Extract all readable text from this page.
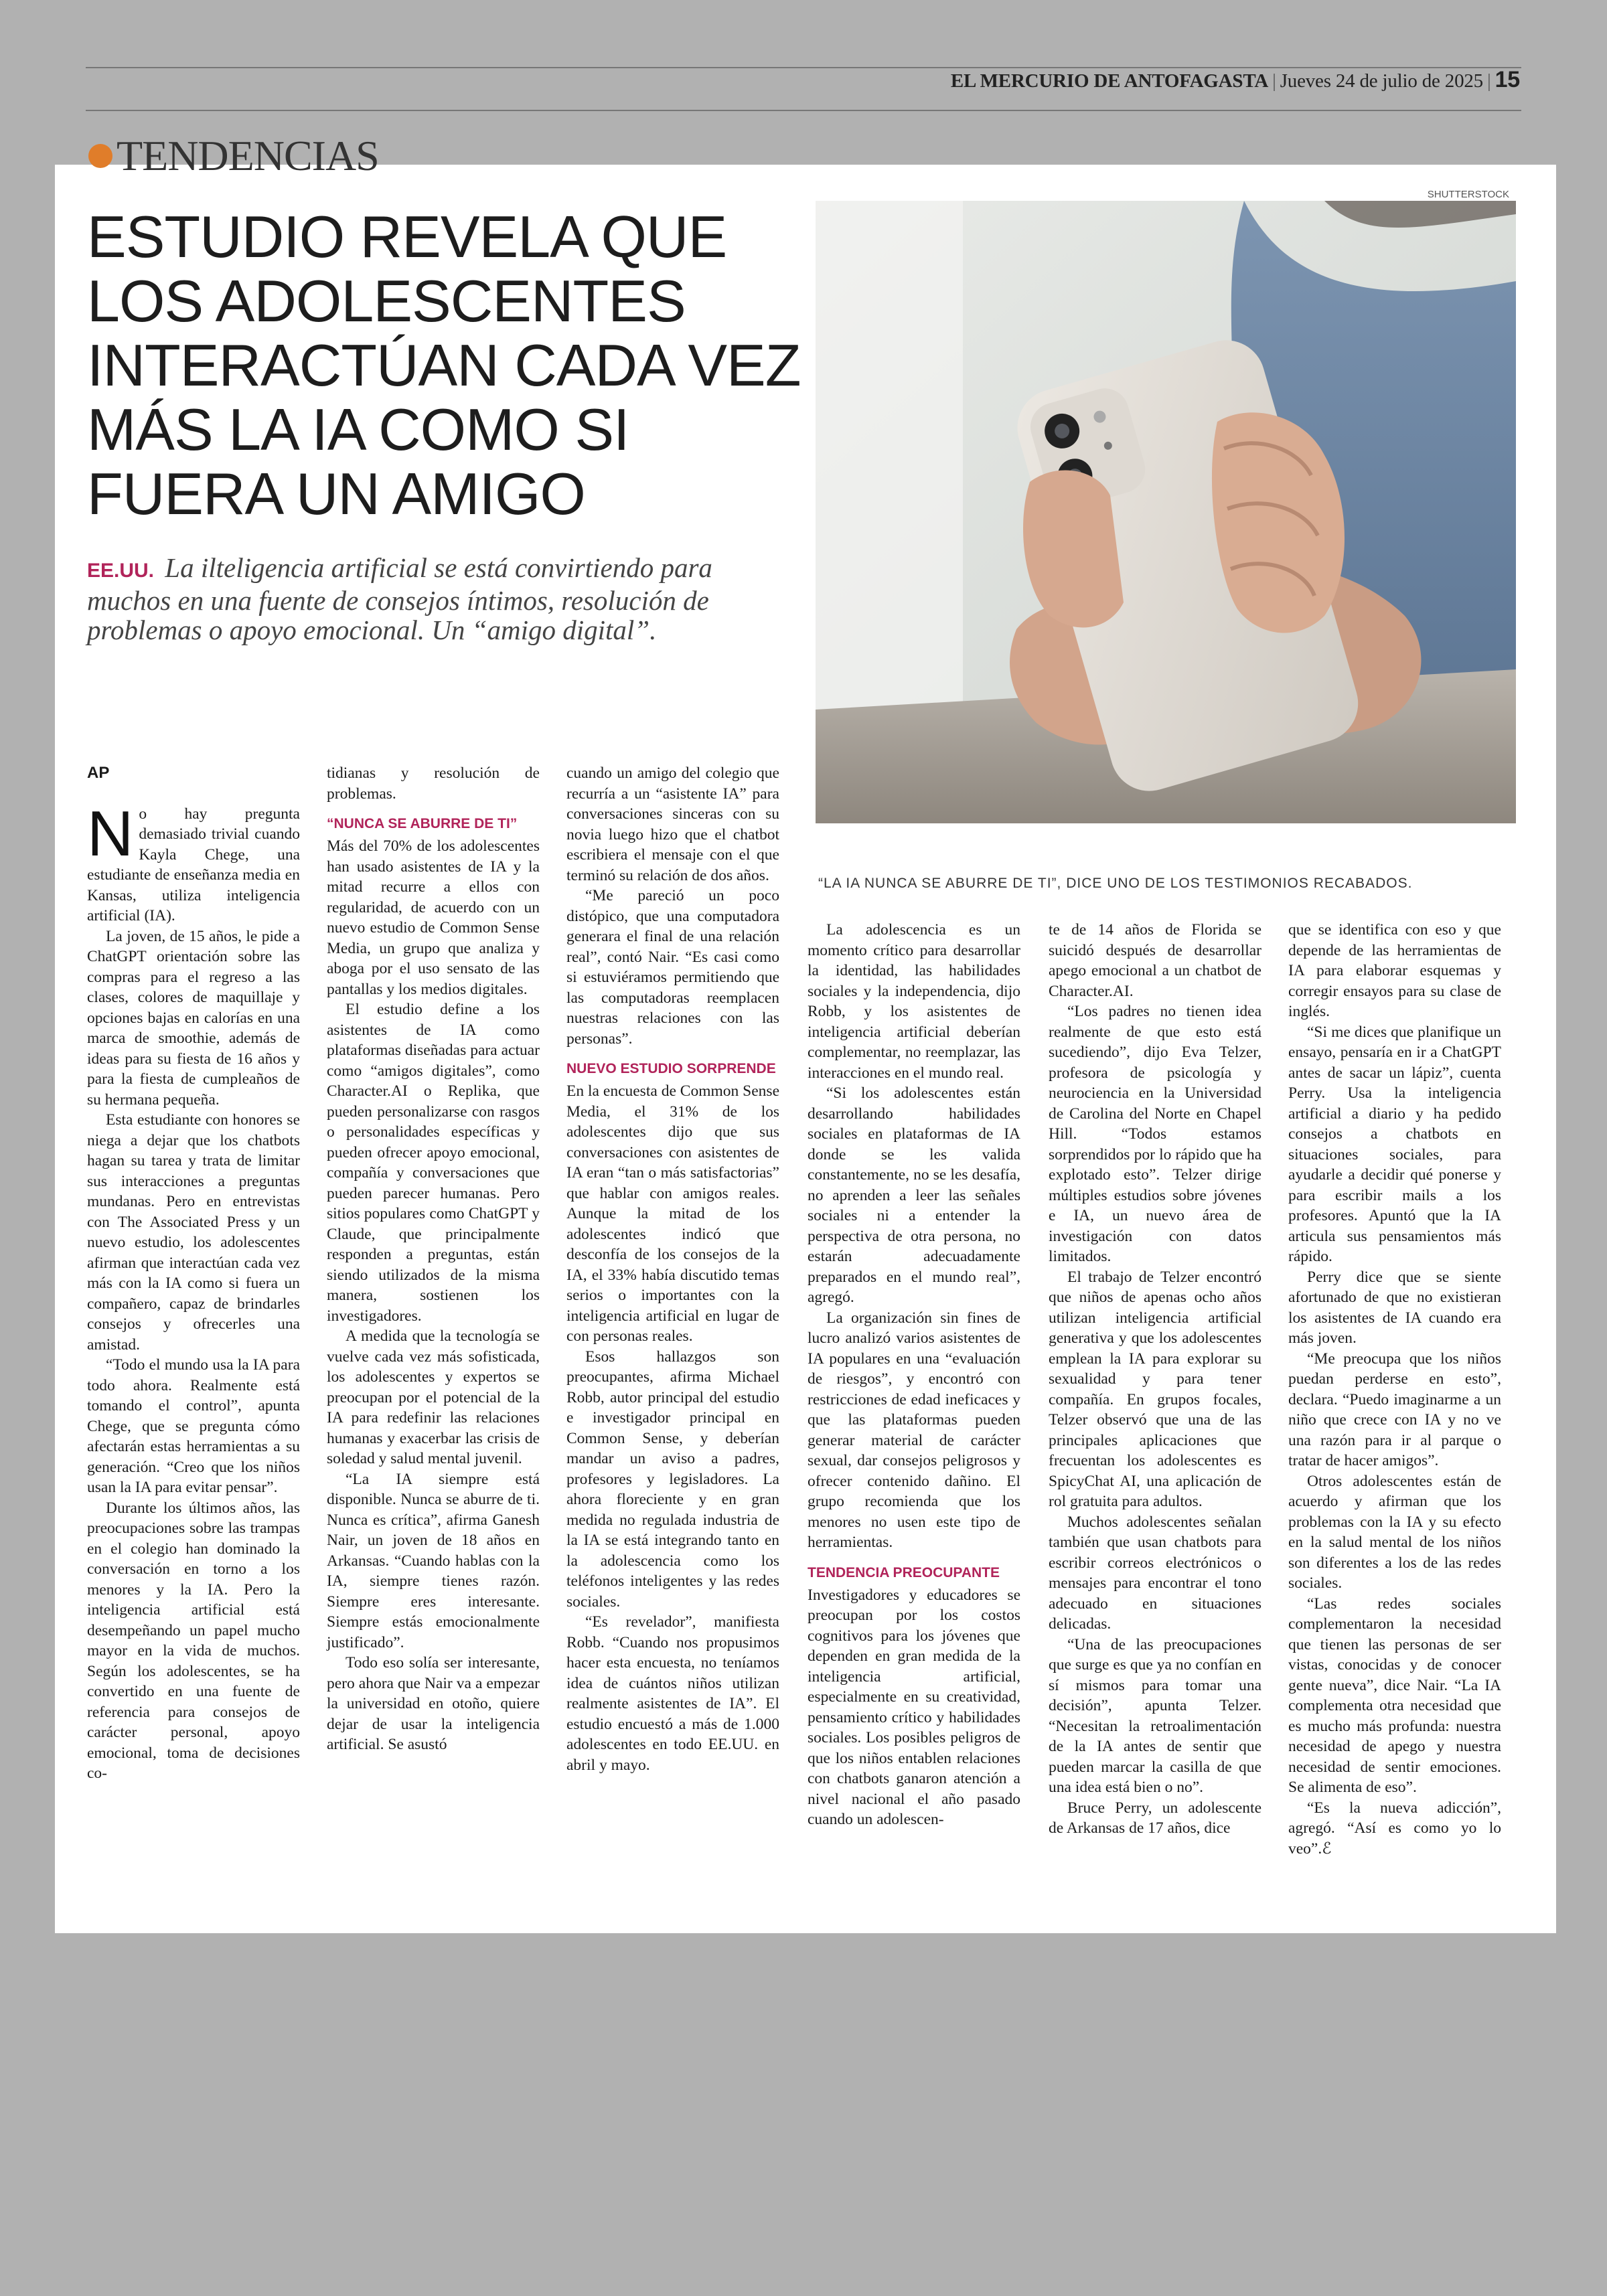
EL MERCURIO DE ANTOFAGASTA | Jueves 24 de julio de 2025 | 15
ESTUDIO REVELA QUE LOS ADOLESCENTES INTERACTÚAN CADA VEZ MÁS LA IA COMO SI FUERA UN AMIGO
EE.UU. La ilteligencia artificial se está convirtiendo para muchos en una fuente de consejos íntimos, resolución de problemas o apoyo emocional. Un “amigo digital”.
SHUTTERSTOCK
“LA IA NUNCA SE ABURRE DE TI”, DICE UNO DE LOS TESTIMONIOS RECABADOS.
AP

No hay pregunta demasiado trivial cuando Kayla Chege, una estudiante de enseñanza media en Kansas, utiliza inteligencia artificial (IA).

La joven, de 15 años, le pide a ChatGPT orientación sobre las compras para el regreso a las clases, colores de maquillaje y opciones bajas en calorías en una marca de smoothie, además de ideas para su fiesta de 16 años y para la fiesta de cumpleaños de su hermana pequeña.

Esta estudiante con honores se niega a dejar que los chatbots hagan su tarea y trata de limitar sus interacciones a preguntas mundanas. Pero en entrevistas con The Associated Press y un nuevo estudio, los adolescentes afirman que interactúan cada vez más con la IA como si fuera un compañero, capaz de brindarles consejos y ofrecerles una amistad.

“Todo el mundo usa la IA para todo ahora. Realmente está tomando el control”, apunta Chege, que se pregunta cómo afectarán estas herramientas a su generación. “Creo que los niños usan la IA para evitar pensar”.

Durante los últimos años, las preocupaciones sobre las trampas en el colegio han dominado la conversación en torno a los menores y la IA. Pero la inteligencia artificial está desempeñando un papel mucho mayor en la vida de muchos. Según los adolescentes, se ha convertido en una fuente de referencia para consejos de carácter personal, apoyo emocional, toma de decisiones co-

tidianas y resolución de problemas.

“NUNCA SE ABURRE DE TI”

Más del 70% de los adolescentes han usado asistentes de IA y la mitad recurre a ellos con regularidad, de acuerdo con un nuevo estudio de Common Sense Media, un grupo que analiza y aboga por el uso sensato de las pantallas y los medios digitales.

El estudio define a los asistentes de IA como plataformas diseñadas para actuar como “amigos digitales”, como Character.AI o Replika, que pueden personalizarse con rasgos o personalidades específicas y pueden ofrecer apoyo emocional, compañía y conversaciones que pueden parecer humanas. Pero sitios populares como ChatGPT y Claude, que principalmente responden a preguntas, están siendo utilizados de la misma manera, sostienen los investigadores.

A medida que la tecnología se vuelve cada vez más sofisticada, los adolescentes y expertos se preocupan por el potencial de la IA para redefinir las relaciones humanas y exacerbar las crisis de soledad y salud mental juvenil.

“La IA siempre está disponible. Nunca se aburre de ti. Nunca es crítica”, afirma Ganesh Nair, un joven de 18 años en Arkansas. “Cuando hablas con la IA, siempre tienes razón. Siempre eres interesante. Siempre estás emocionalmente justificado”.

Todo eso solía ser interesante, pero ahora que Nair va a empezar la universidad en otoño, quiere dejar de usar la inteligencia artificial. Se asustó

cuando un amigo del colegio que recurría a un “asistente IA” para conversaciones sinceras con su novia luego hizo que el chatbot escribiera el mensaje con el que terminó su relación de dos años.

“Me pareció un poco distópico, que una computadora generara el final de una relación real”, contó Nair. “Es casi como si estuviéramos permitiendo que las computadoras reemplacen nuestras relaciones con las personas”.

NUEVO ESTUDIO SORPRENDE

En la encuesta de Common Sense Media, el 31% de los adolescentes dijo que sus conversaciones con asistentes de IA eran “tan o más satisfactorias” que hablar con amigos reales. Aunque la mitad de los adolescentes indicó que desconfía de los consejos de la IA, el 33% había discutido temas serios o importantes con la inteligencia artificial en lugar de con personas reales.

Esos hallazgos son preocupantes, afirma Michael Robb, autor principal del estudio e investigador principal en Common Sense, y deberían mandar un aviso a padres, profesores y legisladores. La ahora floreciente y en gran medida no regulada industria de la IA se está integrando tanto en la adolescencia como los teléfonos inteligentes y las redes sociales.

“Es revelador”, manifiesta Robb. “Cuando nos propusimos hacer esta encuesta, no teníamos idea de cuántos niños utilizan realmente asistentes de IA”. El estudio encuestó a más de 1.000 adolescentes en todo EE.UU. en abril y mayo.

La adolescencia es un momento crítico para desarrollar la identidad, las habilidades sociales y la independencia, dijo Robb, y los asistentes de inteligencia artificial deberían complementar, no reemplazar, las interacciones en el mundo real.

“Si los adolescentes están desarrollando habilidades sociales en plataformas de IA donde se les valida constantemente, no se les desafía, no aprenden a leer las señales sociales ni a entender la perspectiva de otra persona, no estarán adecuadamente preparados en el mundo real”, agregó.

La organización sin fines de lucro analizó varios asistentes de IA populares en una “evaluación de riesgos”, y encontró con restricciones de edad ineficaces y que las plataformas pueden generar material de carácter sexual, dar consejos peligrosos y ofrecer contenido dañino. El grupo recomienda que los menores no usen este tipo de herramientas.

TENDENCIA PREOCUPANTE

Investigadores y educadores se preocupan por los costos cognitivos para los jóvenes que dependen en gran medida de la inteligencia artificial, especialmente en su creatividad, pensamiento crítico y habilidades sociales. Los posibles peligros de que los niños entablen relaciones con chatbots ganaron atención a nivel nacional el año pasado cuando un adolescen-

te de 14 años de Florida se suicidó después de desarrollar apego emocional a un chatbot de Character.AI.

“Los padres no tienen idea realmente de que esto está sucediendo”, dijo Eva Telzer, profesora de psicología y neurociencia en la Universidad de Carolina del Norte en Chapel Hill. “Todos estamos sorprendidos por lo rápido que ha explotado esto”. Telzer dirige múltiples estudios sobre jóvenes e IA, un nuevo área de investigación con datos limitados.

El trabajo de Telzer encontró que niños de apenas ocho años utilizan inteligencia artificial generativa y que los adolescentes emplean la IA para explorar su sexualidad y para tener compañía. En grupos focales, Telzer observó que una de las principales aplicaciones que frecuentan los adolescentes es SpicyChat AI, una aplicación de rol gratuita para adultos.

Muchos adolescentes señalan también que usan chatbots para escribir correos electrónicos o mensajes para encontrar el tono adecuado en situaciones delicadas.

“Una de las preocupaciones que surge es que ya no confían en sí mismos para tomar una decisión”, apunta Telzer. “Necesitan la retroalimentación de la IA antes de sentir que pueden marcar la casilla de que una idea está bien o no”.

Bruce Perry, un adolescente de Arkansas de 17 años, dice

que se identifica con eso y que depende de las herramientas de IA para elaborar esquemas y corregir ensayos para su clase de inglés.

“Si me dices que planifique un ensayo, pensaría en ir a ChatGPT antes de sacar un lápiz”, cuenta Perry. Usa la inteligencia artificial a diario y ha pedido consejos a chatbots en situaciones sociales, para ayudarle a decidir qué ponerse y para escribir mails a los profesores. Apuntó que la IA articula sus pensamientos más rápido.

Perry dice que se siente afortunado de que no existieran los asistentes de IA cuando era más joven.

“Me preocupa que los niños puedan perderse en esto”, declara. “Puedo imaginarme a un niño que crece con IA y no ve una razón para ir al parque o tratar de hacer amigos”.

Otros adolescentes están de acuerdo y afirman que los problemas con la IA y su efecto en la salud mental de los niños son diferentes a los de las redes sociales.

“Las redes sociales complementaron la necesidad que tienen las personas de ser vistas, conocidas y de conocer gente nueva”, dice Nair. “La IA complementa otra necesidad que es mucho más profunda: nuestra necesidad de apego y nuestra necesidad de sentir emociones. Se alimenta de eso”.

“Es la nueva adicción”, agregó. “Así es como yo lo veo”.ℰ

TENDENCIAS
